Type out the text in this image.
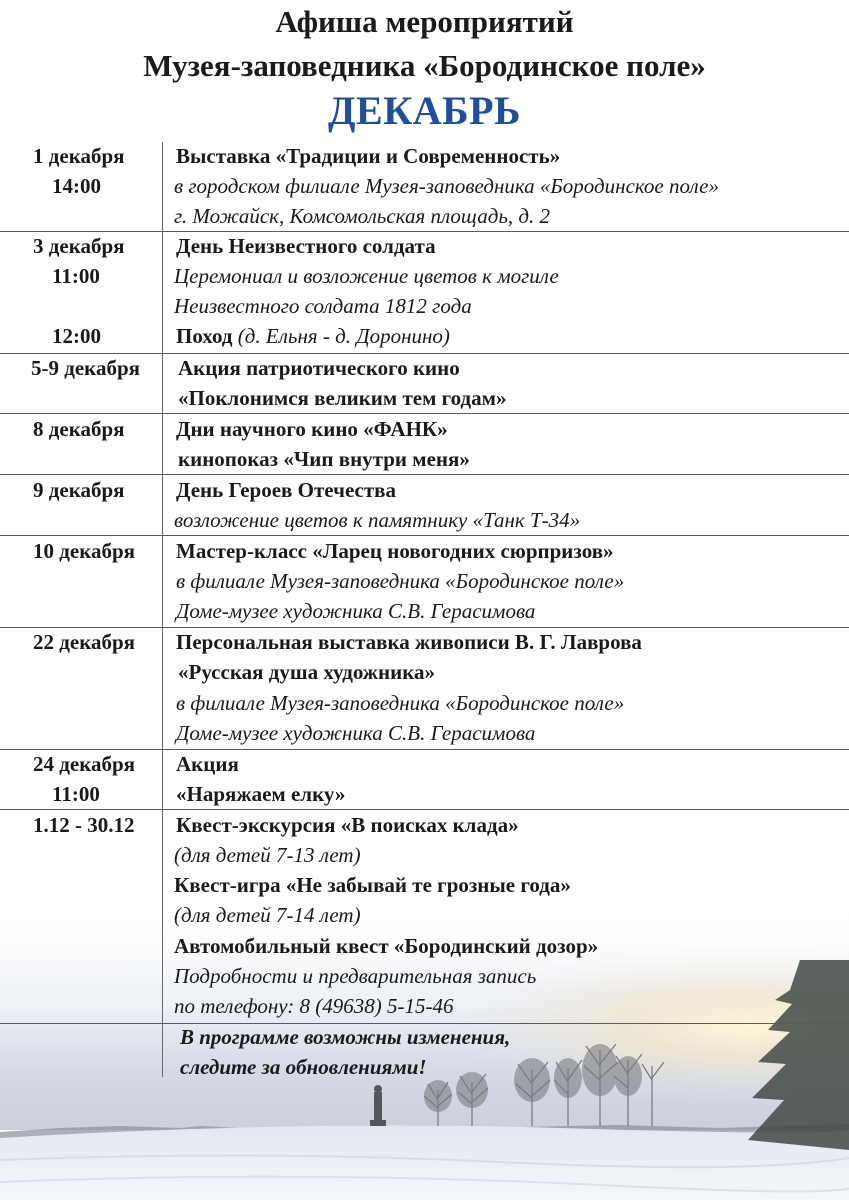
Афиша мероприятий
Музея-заповедника «Бородинское поле»
ДЕКАБРЬ
1 декабря
14:00
Выставка «Традиции и Современность»
в городском филиале Музея-заповедника «Бородинское поле»
г. Можайск, Комсомольская площадь, д. 2
3 декабря
11:00
12:00
День Неизвестного солдата
Церемониал и возложение цветов к могиле
Неизвестного солдата 1812 года
Поход (д. Ельня - д. Доронино)
5-9 декабря Акция патриотического кино
«Поклонимся великим тем годам»
8 декабря Дни научного кино «ФАНК»
кинопоказ «Чип внутри меня»
9 декабря День Героев Отечества
возложение цветов к памятнику «Танк Т-34»
10 декабря Мастер-класс «Ларец новогодних сюрпризов»
в филиале Музея-заповедника «Бородинское поле»
Доме-музее художника С.В. Герасимова
22 декабря Персональная выставка живописи В. Г. Лаврова
«Русская душа художника»
в филиале Музея-заповедника «Бородинское поле»
Доме-музее художника С.В. Герасимова
24 декабря
11:00
Акция
«Наряжаем елку»
1.12 - 30.12 Квест-экскурсия «В поисках клада»
(для детей 7-13 лет)
Квест-игра «Не забывай те грозные года»
(для детей 7-14 лет)
Автомобильный квест «Бородинский дозор»
Подробности и предварительная запись
по телефону: 8 (49638) 5-15-46
В программе возможны изменения,
следите за обновлениями!
